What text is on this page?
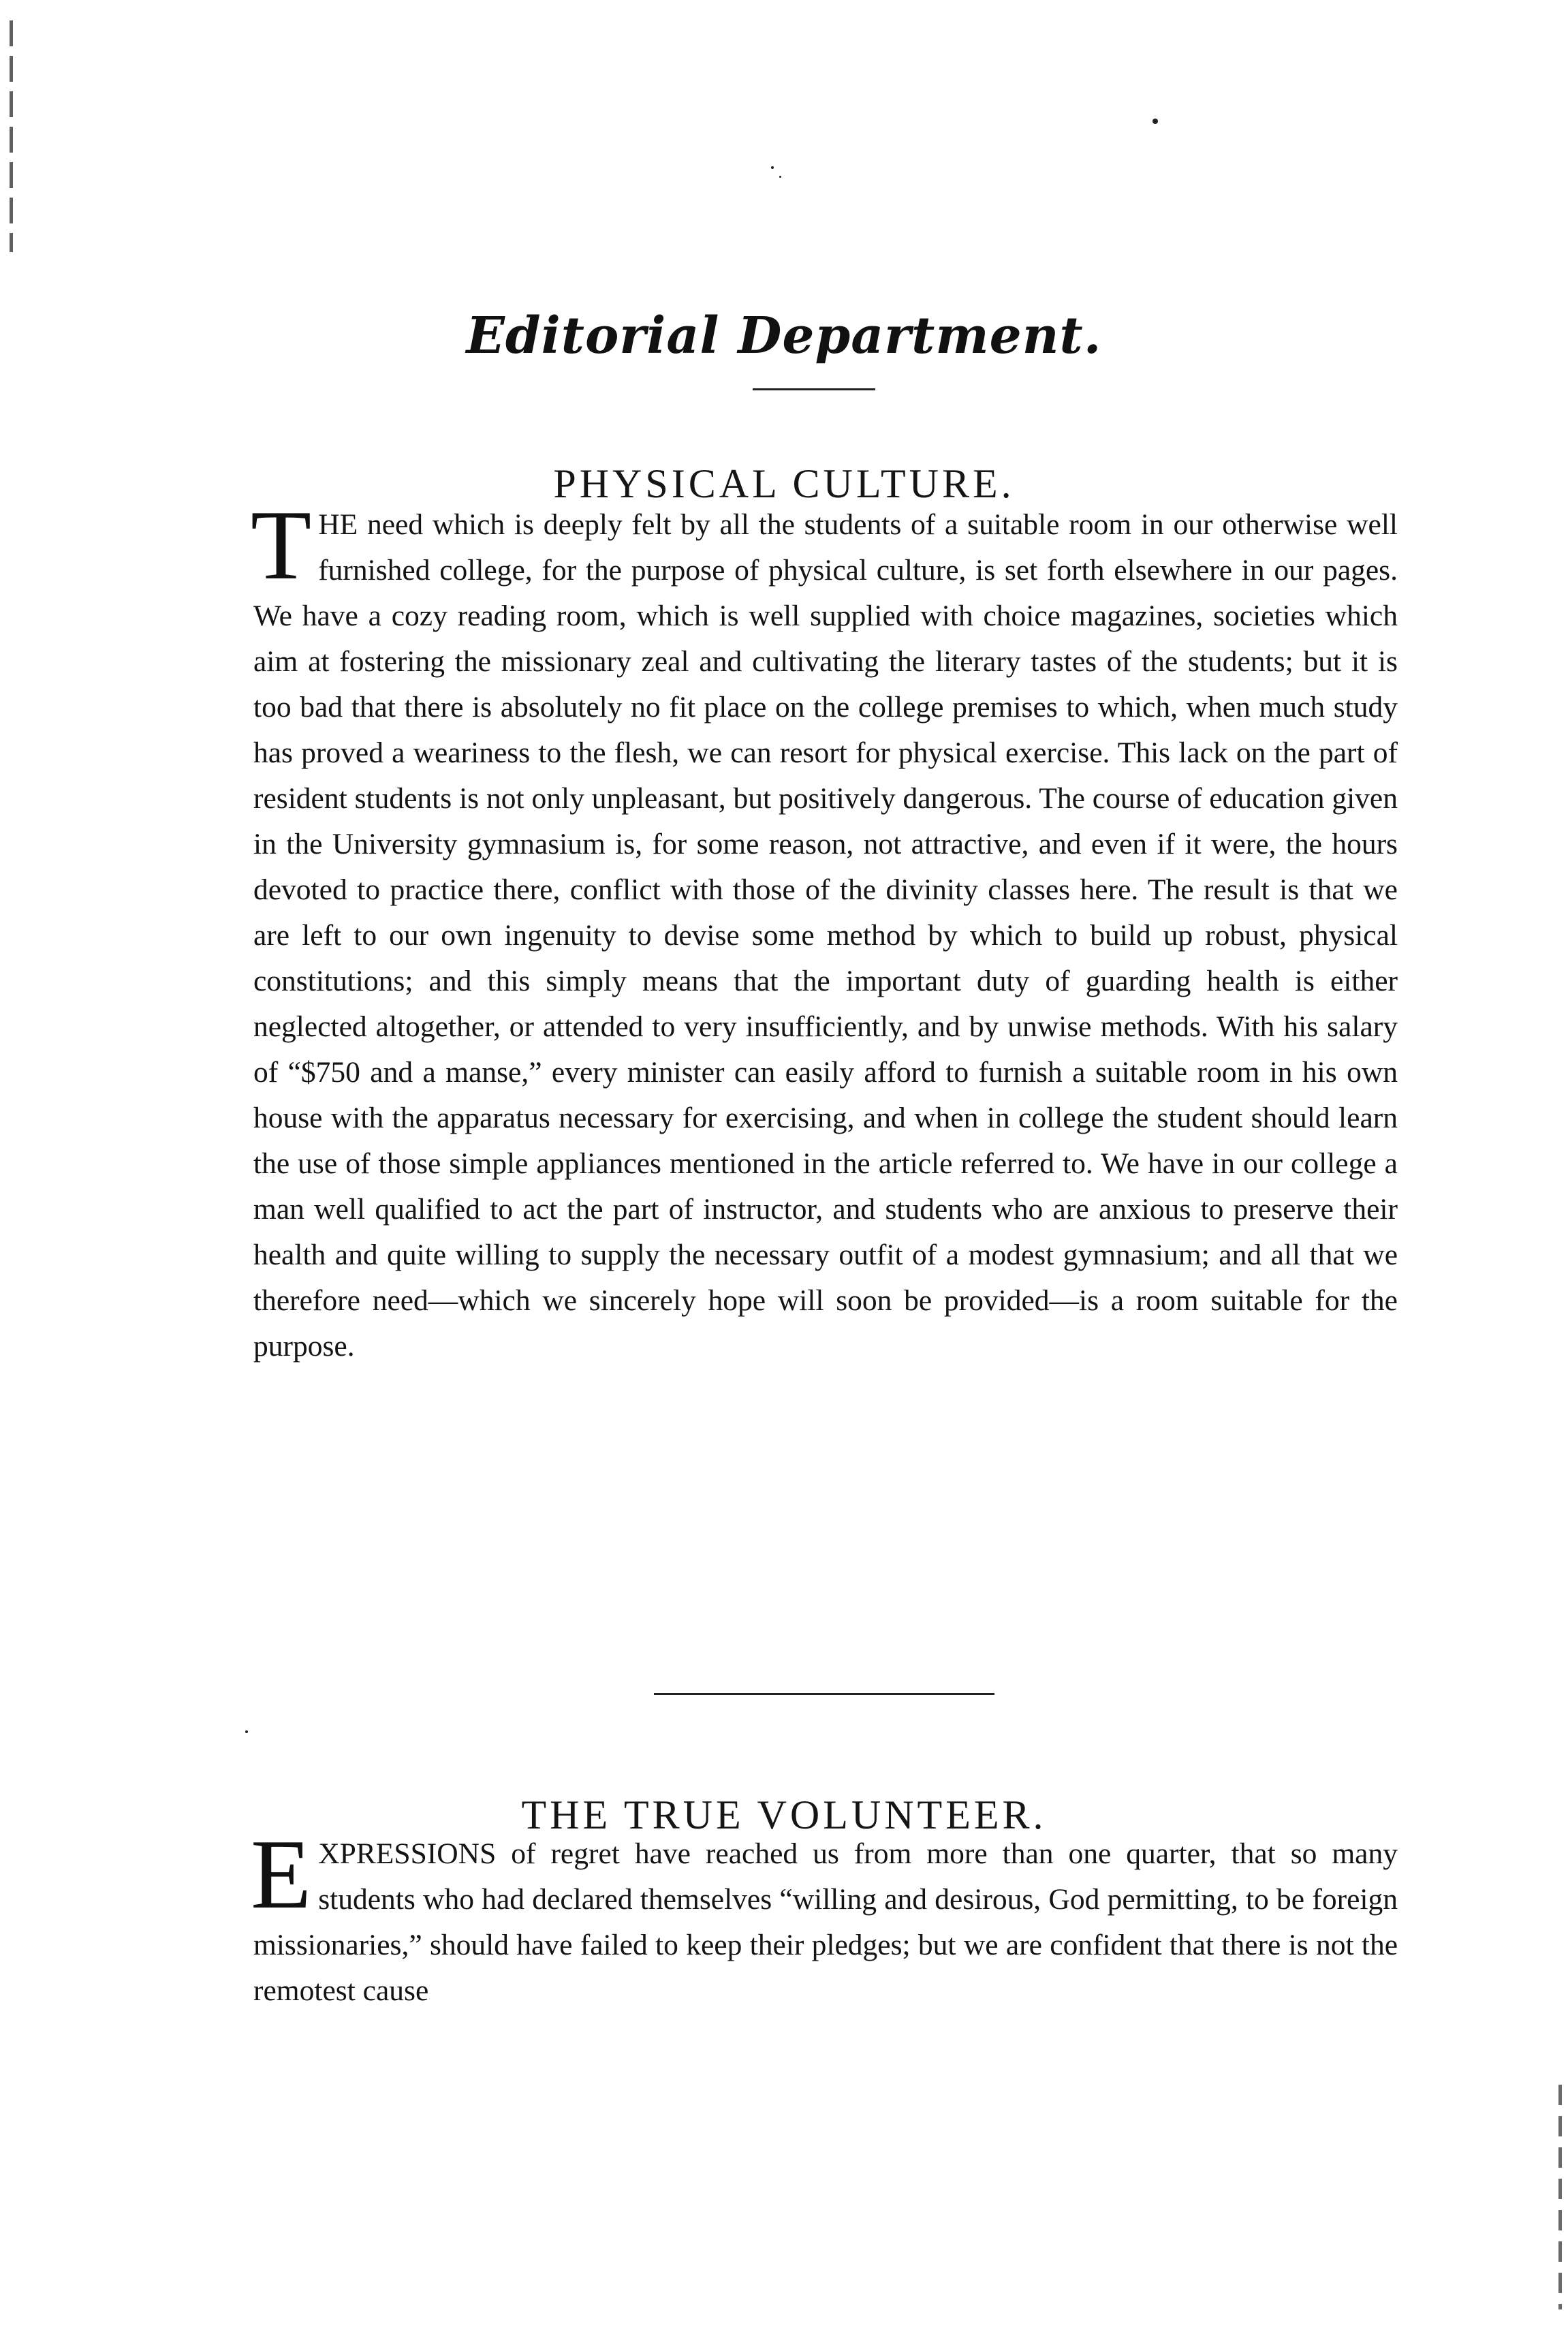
Editorial Department.
PHYSICAL CULTURE.

THE need which is deeply felt by all the students of a suitable room in our otherwise well furnished college, for the purpose of physical culture, is set forth elsewhere in our pages. We have a cozy reading room, which is well supplied with choice magazines, societies which aim at fostering the missionary zeal and cultivating the literary tastes of the students; but it is too bad that there is absolutely no fit place on the college premises to which, when much study has proved a weariness to the flesh, we can resort for physical exercise. This lack on the part of resident students is not only unpleasant, but positively dangerous. The course of education given in the University gymnasium is, for some reason, not attractive, and even if it were, the hours devoted to practice there, conflict with those of the divinity classes here. The result is that we are left to our own ingenuity to devise some method by which to build up robust, physical constitutions; and this simply means that the important duty of guarding health is either neglected altogether, or attended to very insufficiently, and by unwise methods. With his salary of “$750 and a manse,” every minister can easily afford to furnish a suitable room in his own house with the apparatus necessary for exercising, and when in college the student should learn the use of those simple appliances mentioned in the article referred to. We have in our college a man well qualified to act the part of instructor, and students who are anxious to preserve their health and quite willing to supply the necessary outfit of a modest gymnasium; and all that we therefore need—which we sincerely hope will soon be provided—is a room suitable for the purpose.

THE TRUE VOLUNTEER.

EXPRESSIONS of regret have reached us from more than one quarter, that so many students who had declared themselves “willing and desirous, God permitting, to be foreign missionaries,” should have failed to keep their pledges; but we are confident that there is not the remotest cause
